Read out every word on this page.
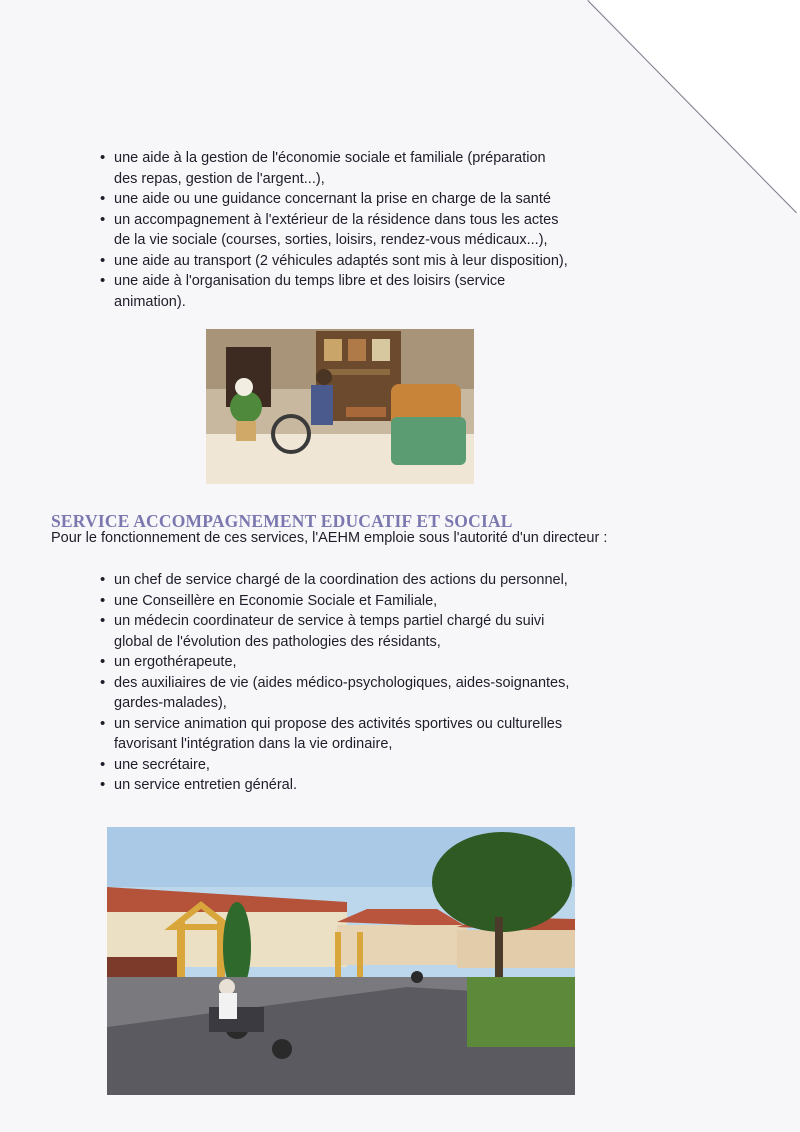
• une aide à la gestion de l'économie sociale et familiale (préparation
des repas, gestion de l'argent...),
• une aide ou une guidance concernant la prise en charge de la santé
• un accompagnement à l'extérieur de la résidence dans tous les actes
de la vie sociale (courses, sorties, loisirs, rendez-vous médicaux...),
• une aide au transport (2 véhicules adaptés sont mis à leur disposition),
• une aide à l'organisation du temps libre et des loisirs (service
animation).
SERVICE ACCOMPAGNEMENT EDUCATIF ET SOCIAL

Pour le fonctionnement de ces services, l'AEHM emploie sous l'autorité d'un directeur :

• un chef de service chargé de la coordination des actions du personnel,
• une Conseillère en Economie Sociale et Familiale,
• un médecin coordinateur de service à temps partiel chargé du suivi
global de l'évolution des pathologies des résidants,
• un ergothérapeute,
• des auxiliaires de vie (aides médico-psychologiques, aides-soignantes,
gardes-malades),
• un service animation qui propose des activités sportives ou culturelles
favorisant l'intégration dans la vie ordinaire,
• une secrétaire,
• un service entretien général.
